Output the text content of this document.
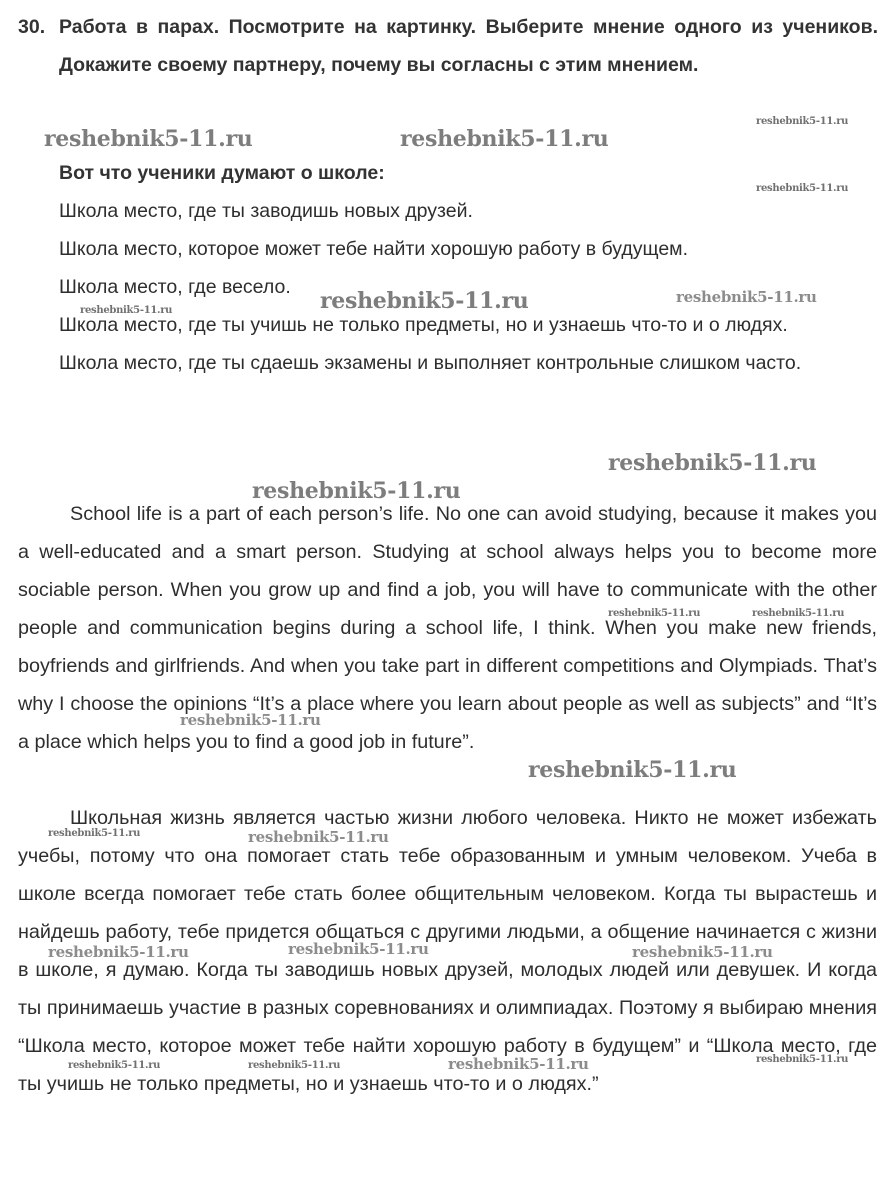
30. Работа в парах. Посмотрите на картинку. Выберите мнение одного из учеников. Докажите своему партнеру, почему вы согласны с этим мнением.
Вот что ученики думают о школе:
Школа место, где ты заводишь новых друзей.
Школа место, которое может тебе найти хорошую работу в будущем.
Школа место, где весело.
Школа место, где ты учишь не только предметы, но и узнаешь что-то и о людях.
Школа место, где ты сдаешь экзамены и выполняет контрольные слишком часто.

School life is a part of each person’s life. No one can avoid studying, because it makes you a well-educated and a smart person. Studying at school always helps you to become more sociable person. When you grow up and find a job, you will have to communicate with the other people and communication begins during a school life, I think. When you make new friends, boyfriends and girlfriends. And when you take part in different competitions and Olympiads. That’s why I choose the opinions “It’s a place where you learn about people as well as subjects” and “It’s a place which helps you to find a good job in future”.

Школьная жизнь является частью жизни любого человека. Никто не может избежать учебы, потому что она помогает стать тебе образованным и умным человеком. Учеба в школе всегда помогает тебе стать более общительным человеком. Когда ты вырастешь и найдешь работу, тебе придется общаться с другими людьми, а общение начинается с жизни в школе, я думаю. Когда ты заводишь новых друзей, молодых людей или девушек. И когда ты принимаешь участие в разных соревнованиях и олимпиадах. Поэтому я выбираю мнения “Школа место, которое может тебе найти хорошую работу в будущем” и “Школа место, где ты учишь не только предметы, но и узнаешь что-то и о людях.”

reshebnik5-11.ru	reshebnik5-11.ru
reshebnik5-11.ru
reshebnik5-11.ru
reshebnik5-11.ru	reshebnik5-11.ru
reshebnik5-11.ru
reshebnik5-11.ru
reshebnik5-11.ru
reshebnik5-11.ru	reshebnik5-11.ru
reshebnik5-11.ru
reshebnik5-11.ru
reshebnik5-11.ru	reshebnik5-11.ru
reshebnik5-11.ru	reshebnik5-11.ru	reshebnik5-11.ru
reshebnik5-11.ru	reshebnik5-11.ru	reshebnik5-11.ru	reshebnik5-11.ru
